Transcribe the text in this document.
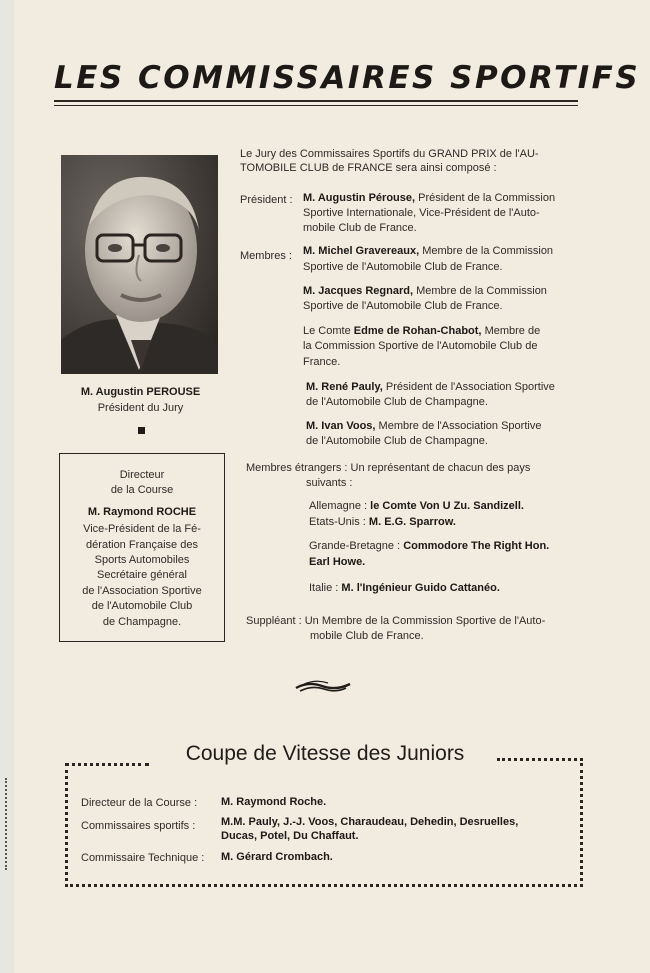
LES COMMISSAIRES SPORTIFS
M. Augustin PEROUSE
Président du Jury
Directeur
de la Course
M. Raymond ROCHE
Vice-Président de la Fé-
dération Française des
Sports Automobiles
Secrétaire général
de l'Association Sportive
de l'Automobile Club
de Champagne.
Le Jury des Commissaires Sportifs du GRAND PRIX de l'AU-
TOMOBILE CLUB de FRANCE sera ainsi composé :
Président : M. Augustin Pérouse, Président de la Commission
Sportive Internationale, Vice-Président de l'Auto-
mobile Club de France.
Membres : M. Michel Gravereaux, Membre de la Commission
Sportive de l'Automobile Club de France.
M. Jacques Regnard, Membre de la Commission
Sportive de l'Automobile Club de France.
Le Comte Edme de Rohan-Chabot, Membre de
la Commission Sportive de l'Automobile Club de
France.
M. René Pauly, Président de l'Association Sportive
de l'Automobile Club de Champagne.
M. Ivan Voos, Membre de l'Association Sportive
de l'Automobile Club de Champagne.
Membres étrangers : Un représentant de chacun des pays
suivants :
Allemagne : le Comte Von U Zu. Sandizell.
Etats-Unis : M. E.G. Sparrow.
Grande-Bretagne : Commodore The Right Hon.
Earl Howe.
Italie : M. l'Ingénieur Guido Cattanéo.
Suppléant : Un Membre de la Commission Sportive de l'Auto-
mobile Club de France.
Coupe de Vitesse des Juniors
Directeur de la Course : M. Raymond Roche.
Commissaires sportifs : M.M. Pauly, J.-J. Voos, Charaudeau, Dehedin, Desruelles,
Ducas, Potel, Du Chaffaut.
Commissaire Technique : M. Gérard Crombach.
